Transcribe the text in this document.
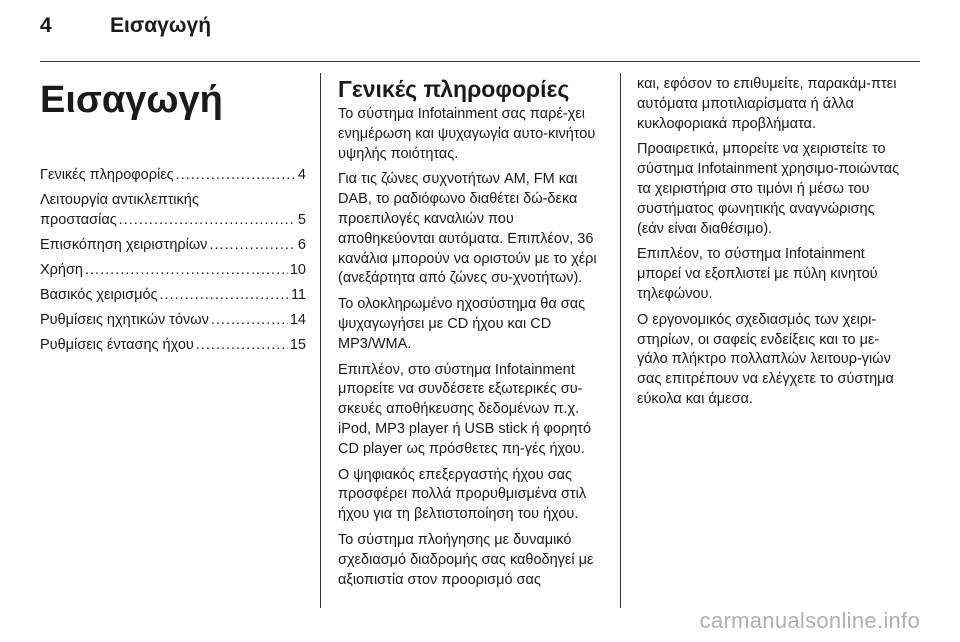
4	Εισαγωγή
Εισαγωγή
Γενικές πληροφορίες .....	4
Λειτουργία αντικλεπτικής
προστασίας .....	5
Επισκόπηση χειριστηρίων .....	6
Χρήση .....	10
Βασικός χειρισμός .....	11
Ρυθμίσεις ηχητικών τόνων .....	14
Ρυθμίσεις έντασης ήχου .....	15
Γενικές πληροφορίες

Το σύστημα Infotainment σας παρέ-χει ενημέρωση και ψυχαγωγία αυτο-κινήτου υψηλής ποιότητας.

Για τις ζώνες συχνοτήτων AM, FM και DAB, το ραδιόφωνο διαθέτει δώ-δεκα προεπιλογές καναλιών που αποθηκεύονται αυτόματα. Επιπλέον, 36 κανάλια μπορούν να οριστούν με το χέρι (ανεξάρτητα από ζώνες συ-χνοτήτων).

Το ολοκληρωμένο ηχοσύστημα θα σας ψυχαγωγήσει με CD ήχου και CD MP3/WMA.

Επιπλέον, στο σύστημα Infotainment μπορείτε να συνδέσετε εξωτερικές συ-σκευές αποθήκευσης δεδομένων π.χ. iPod, MP3 player ή USB stick ή φορητό CD player ως πρόσθετες πη-γές ήχου.

Ο ψηφιακός επεξεργαστής ήχου σας προσφέρει πολλά προρυθμισμένα στιλ ήχου για τη βελτιστοποίηση του ήχου.

Το σύστημα πλοήγησης με δυναμικό σχεδιασμό διαδρομής σας καθοδηγεί με αξιοπιστία στον προορισμό σας

και, εφόσον το επιθυμείτε, παρακάμ-πτει αυτόματα μποτιλιαρίσματα ή άλλα κυκλοφοριακά προβλήματα.

Προαιρετικά, μπορείτε να χειριστείτε το σύστημα Infotainment χρησιμο-ποιώντας τα χειριστήρια στο τιμόνι ή μέσω του συστήματος φωνητικής αναγνώρισης (εάν είναι διαθέσιμο).

Επιπλέον, το σύστημα Infotainment μπορεί να εξοπλιστεί με πύλη κινητού τηλεφώνου.

Ο εργονομικός σχεδιασμός των χειρι-στηρίων, οι σαφείς ενδείξεις και το με-γάλο πλήκτρο πολλαπλών λειτουρ-γιών σας επιτρέπουν να ελέγχετε το σύστημα εύκολα και άμεσα.

carmanualsonline.info
